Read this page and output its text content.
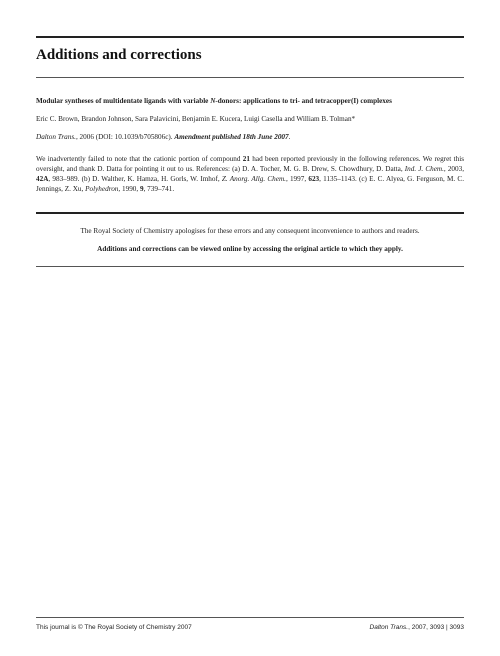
Additions and corrections

Modular syntheses of multidentate ligands with variable N-donors: applications to tri- and tetracopper(I) complexes

Eric C. Brown, Brandon Johnson, Sara Palavicini, Benjamin E. Kucera, Luigi Casella and William B. Tolman*

Dalton Trans., 2006 (DOI: 10.1039/b705806c). Amendment published 18th June 2007.

We inadvertently failed to note that the cationic portion of compound 21 had been reported previously in the following references. We regret this oversight, and thank D. Datta for pointing it out to us. References: (a) D. A. Tocher, M. G. B. Drew, S. Chowdhury, D. Datta, Ind. J. Chem., 2003, 42A, 983–989. (b) D. Walther, K. Hamza, H. Gorls, W. Imhof, Z. Anorg. Allg. Chem., 1997, 623, 1135–1143. (c) E. C. Alyea, G. Ferguson, M. C. Jennings, Z. Xu, Polyhedron, 1990, 9, 739–741.

The Royal Society of Chemistry apologises for these errors and any consequent inconvenience to authors and readers.

Additions and corrections can be viewed online by accessing the original article to which they apply.

This journal is © The Royal Society of Chemistry 2007	Dalton Trans., 2007, 3093 | 3093
